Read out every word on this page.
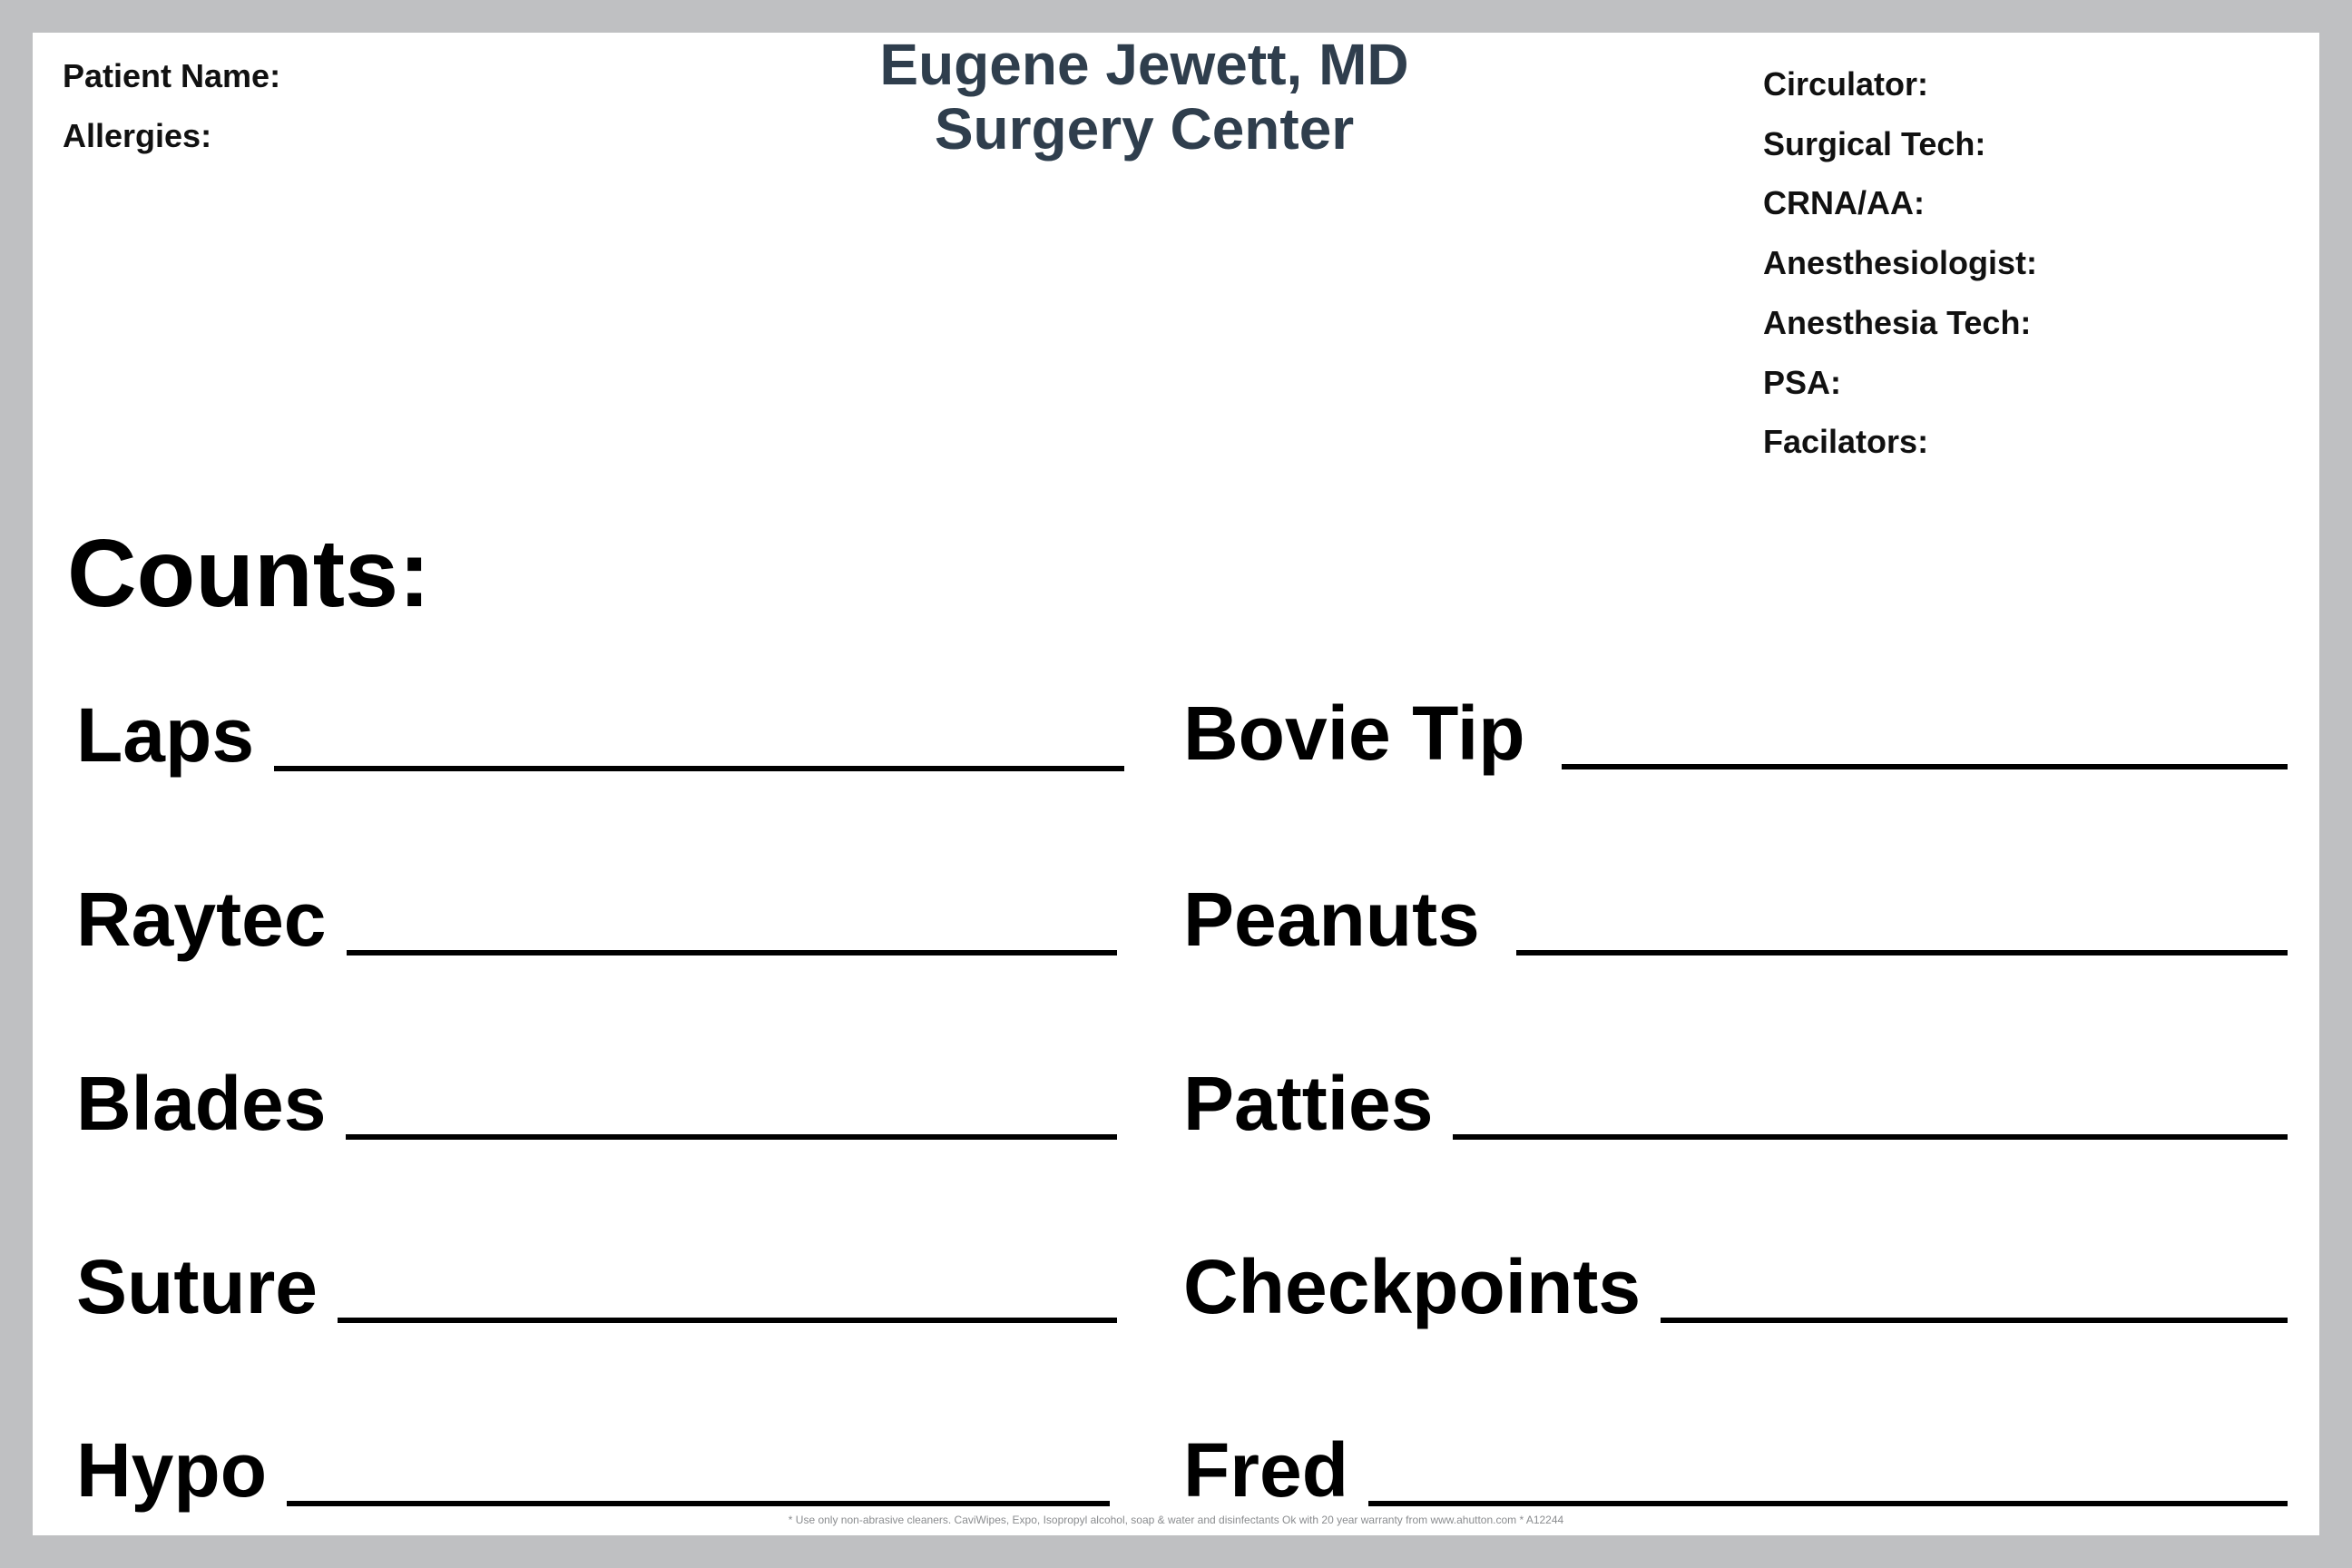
Patient Name:
Allergies:
Eugene Jewett, MD
Surgery Center
Circulator:
Surgical Tech:
CRNA/AA:
Anesthesiologist:
Anesthesia Tech:
PSA:
Facilators:
Counts:
Laps
Raytec
Blades
Suture
Hypo
Bovie Tip
Peanuts
Patties
Checkpoints
Fred
* Use only non-abrasive cleaners. CaviWipes, Expo, Isopropyl alcohol, soap & water and disinfectants Ok with 20 year warranty from www.ahutton.com * A12244
